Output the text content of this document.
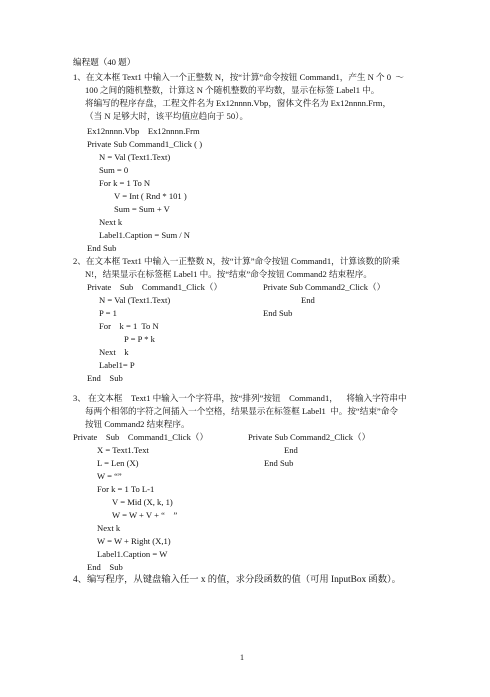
编程题（40 题）
1、在文本框 Text1 中输入一个正整数 N，按“计算”命令按钮 Command1，产生 N 个 0  ～
100 之间的随机整数，计算这 N 个随机整数的平均数，显示在标签 Label1 中。
将编写的程序存盘，工程文件名为 Ex12nnnn.Vbp，窗体文件名为 Ex12nnnn.Frm，
（当 N 足够大时，该平均值应趋向于 50）。
Ex12nnnn.Vbp    Ex12nnnn.Frm
Private Sub Command1_Click ( )
N = Val (Text1.Text)
Sum = 0
For k = 1 To N
V = Int ( Rnd * 101 )
Sum = Sum + V
Next k
Label1.Caption = Sum / N
End Sub
2、在文本框 Text1 中输入一正整数 N，按“计算”命令按钮 Command1，计算该数的阶乘
N!，结果显示在标签框 Label1 中。按“结束”命令按钮 Command2 结束程序。
Private    Sub    Command1_Click（）
N = Val (Text1.Text)
P = 1
For    k = 1  To N
P = P * k
Next    k
Label1= P
End    Sub
Private Sub Command2_Click（）
End
End Sub
3、 在文本框    Text1 中输入一个字符串，按“排列”按钮    Command1，    将输入字符串中
每两个相邻的字符之间插入一个空格，结果显示在标签框 Label1  中。按“结束”命令
按钮 Command2 结束程序。
Private    Sub    Command1_Click（）
X = Text1.Text
L = Len (X)
W = “”
For k = 1 To L-1
V = Mid (X, k, 1)
W = W + V + “    ”
Next k
W = W + Right (X,1)
Label1.Caption = W
End    Sub
Private Sub Command2_Click（）
End
End Sub
4、编写程序，从键盘输入任一 x 的值，求分段函数的值（可用 InputBox 函数）。
1
